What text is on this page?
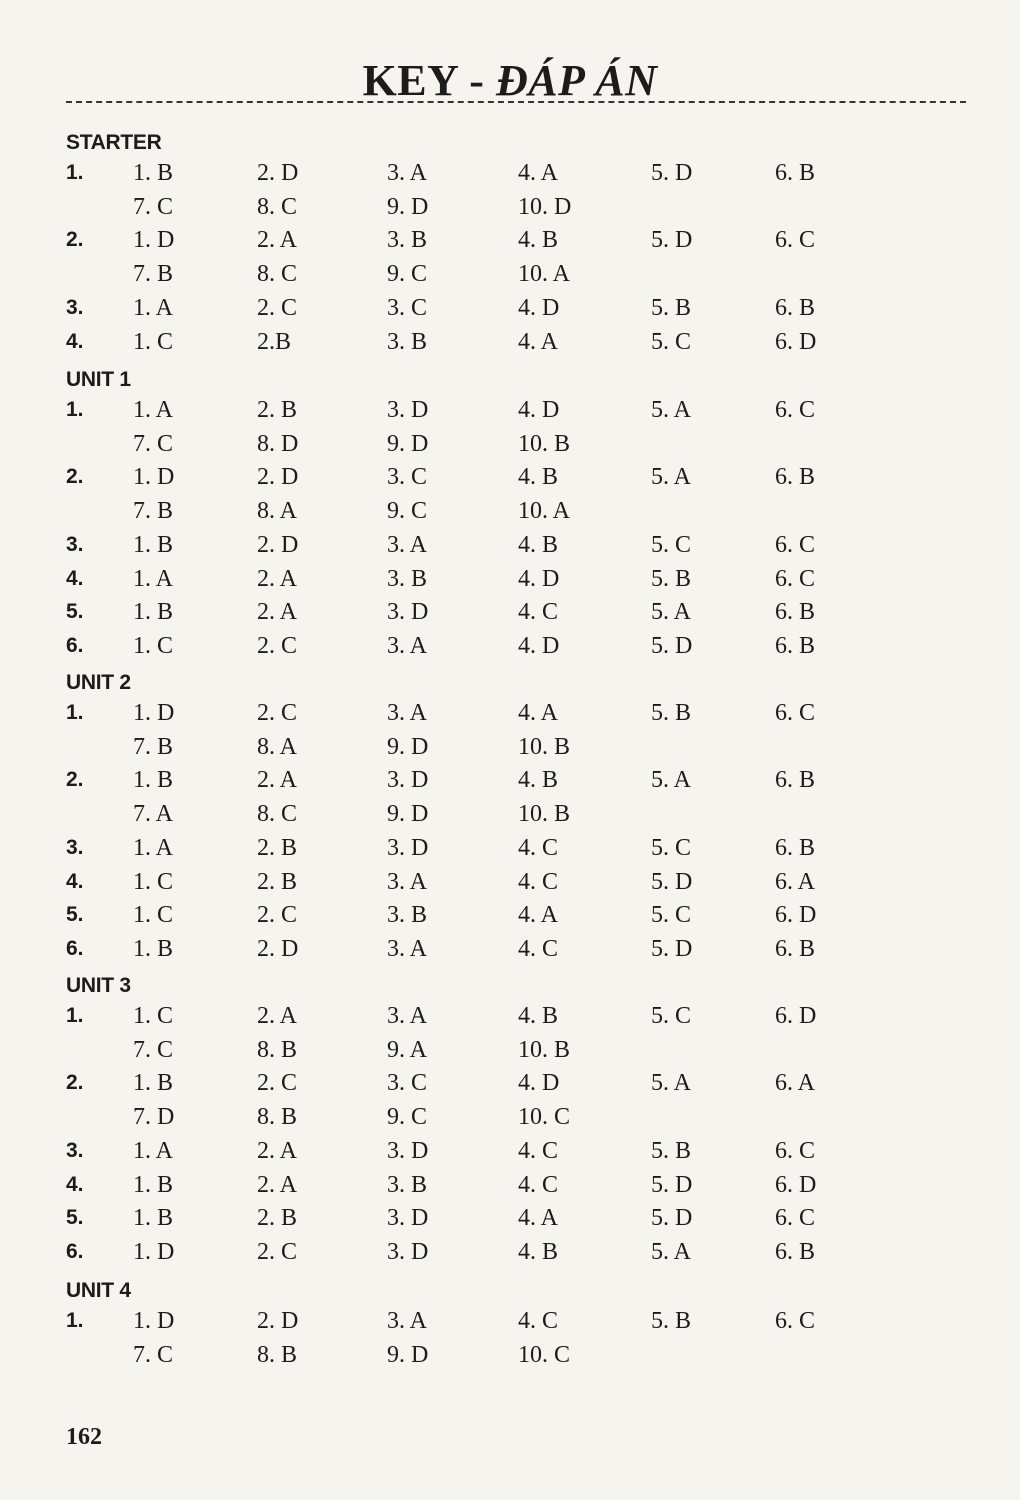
KEY - ĐÁP ÁN
STARTER
1. 1. B	2. D	3. A	4. A	5. D	6. B
7. C	8. C	9. D	10. D
2. 1. D	2. A	3. B	4. B	5. D	6. C
7. B	8. C	9. C	10. A
3. 1. A	2. C	3. C	4. D	5. B	6. B
4. 1. C	2.B	3. B	4. A	5. C	6. D
UNIT 1
1. 1. A	2. B	3. D	4. D	5. A	6. C
7. C	8. D	9. D	10. B
2. 1. D	2. D	3. C	4. B	5. A	6. B
7. B	8. A	9. C	10. A
3. 1. B	2. D	3. A	4. B	5. C	6. C
4. 1. A	2. A	3. B	4. D	5. B	6. C
5. 1. B	2. A	3. D	4. C	5. A	6. B
6. 1. C	2. C	3. A	4. D	5. D	6. B
UNIT 2
1. 1. D	2. C	3. A	4. A	5. B	6. C
7. B	8. A	9. D	10. B
2. 1. B	2. A	3. D	4. B	5. A	6. B
7. A	8. C	9. D	10. B
3. 1. A	2. B	3. D	4. C	5. C	6. B
4. 1. C	2. B	3. A	4. C	5. D	6. A
5. 1. C	2. C	3. B	4. A	5. C	6. D
6. 1. B	2. D	3. A	4. C	5. D	6. B
UNIT 3
1. 1. C	2. A	3. A	4. B	5. C	6. D
7. C	8. B	9. A	10. B
2. 1. B	2. C	3. C	4. D	5. A	6. A
7. D	8. B	9. C	10. C
3. 1. A	2. A	3. D	4. C	5. B	6. C
4. 1. B	2. A	3. B	4. C	5. D	6. D
5. 1. B	2. B	3. D	4. A	5. D	6. C
6. 1. D	2. C	3. D	4. B	5. A	6. B
UNIT 4
1. 1. D	2. D	3. A	4. C	5. B	6. C
7. C	8. B	9. D	10. C
162
